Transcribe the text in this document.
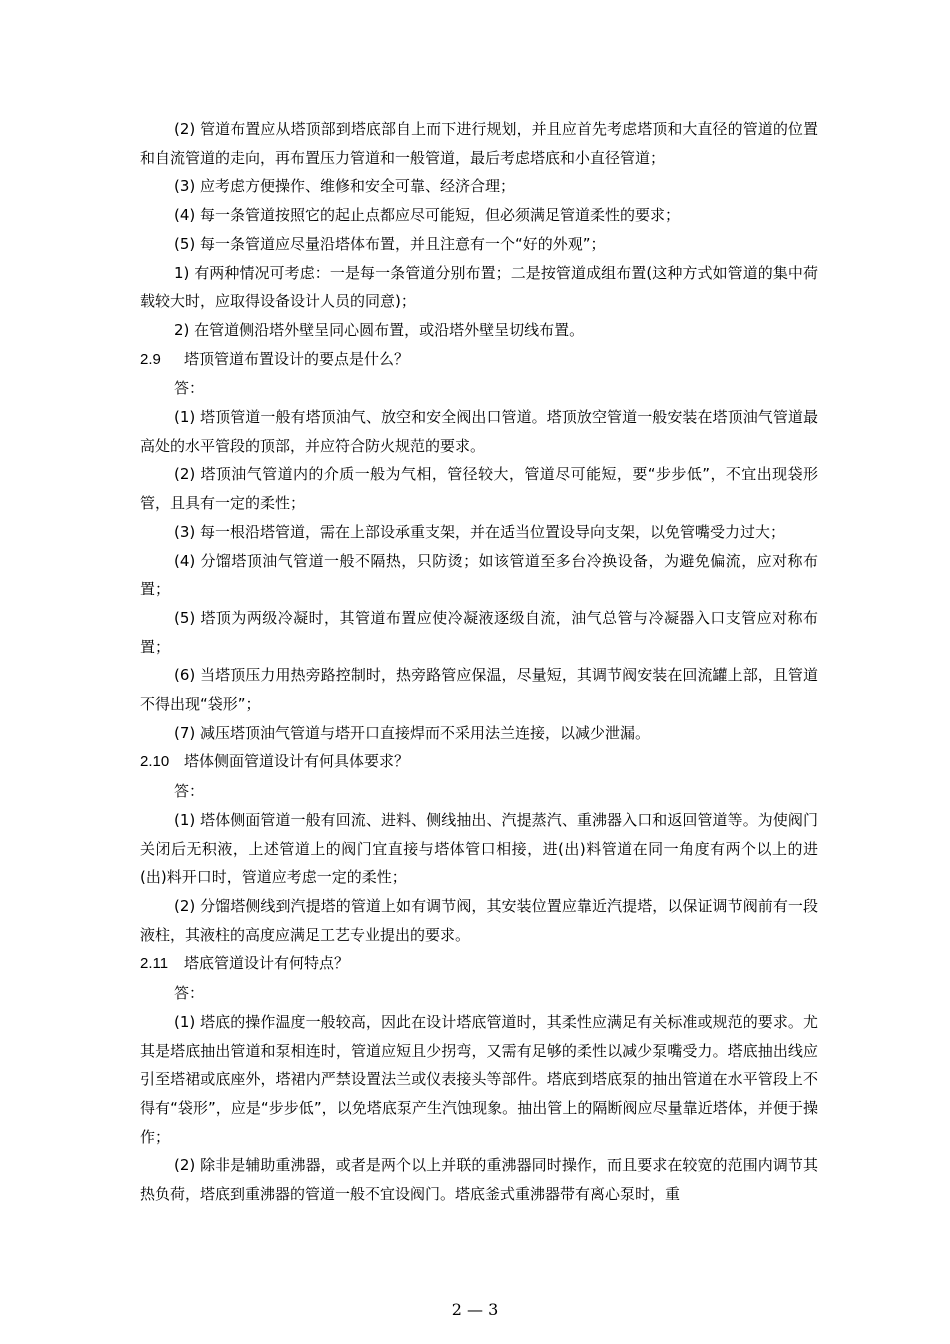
(2) 管道布置应从塔顶部到塔底部自上而下进行规划，并且应首先考虑塔顶和大直径的管道的位置和自流管道的走向，再布置压力管道和一般管道，最后考虑塔底和小直径管道；

(3) 应考虑方便操作、维修和安全可靠、经济合理；

(4) 每一条管道按照它的起止点都应尽可能短，但必须满足管道柔性的要求；

(5) 每一条管道应尽量沿塔体布置，并且注意有一个“好的外观”；

1) 有两种情况可考虑：一是每一条管道分别布置；二是按管道成组布置(这种方式如管道的集中荷载较大时，应取得设备设计人员的同意)；

2) 在管道侧沿塔外壁呈同心圆布置，或沿塔外壁呈切线布置。

2.9 塔顶管道布置设计的要点是什么？

答：

(1) 塔顶管道一般有塔顶油气、放空和安全阀出口管道。塔顶放空管道一般安装在塔顶油气管道最高处的水平管段的顶部，并应符合防火规范的要求。

(2) 塔顶油气管道内的介质一般为气相，管径较大，管道尽可能短，要“步步低”，不宜出现袋形管，且具有一定的柔性；

(3) 每一根沿塔管道，需在上部设承重支架，并在适当位置设导向支架，以免管嘴受力过大；

(4) 分馏塔顶油气管道一般不隔热，只防烫；如该管道至多台冷换设备，为避免偏流，应对称布置；

(5) 塔顶为两级冷凝时，其管道布置应使冷凝液逐级自流，油气总管与冷凝器入口支管应对称布置；

(6) 当塔顶压力用热旁路控制时，热旁路管应保温，尽量短，其调节阀安装在回流罐上部，且管道不得出现“袋形”；

(7) 减压塔顶油气管道与塔开口直接焊而不采用法兰连接，以减少泄漏。

2.10 塔体侧面管道设计有何具体要求？

答：

(1) 塔体侧面管道一般有回流、进料、侧线抽出、汽提蒸汽、重沸器入口和返回管道等。为使阀门关闭后无积液，上述管道上的阀门宜直接与塔体管口相接，进(出)料管道在同一角度有两个以上的进(出)料开口时，管道应考虑一定的柔性；

(2) 分馏塔侧线到汽提塔的管道上如有调节阀，其安装位置应靠近汽提塔，以保证调节阀前有一段液柱，其液柱的高度应满足工艺专业提出的要求。

2.11 塔底管道设计有何特点？

答：

(1) 塔底的操作温度一般较高，因此在设计塔底管道时，其柔性应满足有关标准或规范的要求。尤其是塔底抽出管道和泵相连时，管道应短且少拐弯，又需有足够的柔性以减少泵嘴受力。塔底抽出线应引至塔裙或底座外，塔裙内严禁设置法兰或仪表接头等部件。塔底到塔底泵的抽出管道在水平管段上不得有“袋形”，应是“步步低”，以免塔底泵产生汽蚀现象。抽出管上的隔断阀应尽量靠近塔体，并便于操作；

(2) 除非是辅助重沸器，或者是两个以上并联的重沸器同时操作，而且要求在较宽的范围内调节其热负荷，塔底到重沸器的管道一般不宜设阀门。塔底釜式重沸器带有离心泵时，重

2 — 3
